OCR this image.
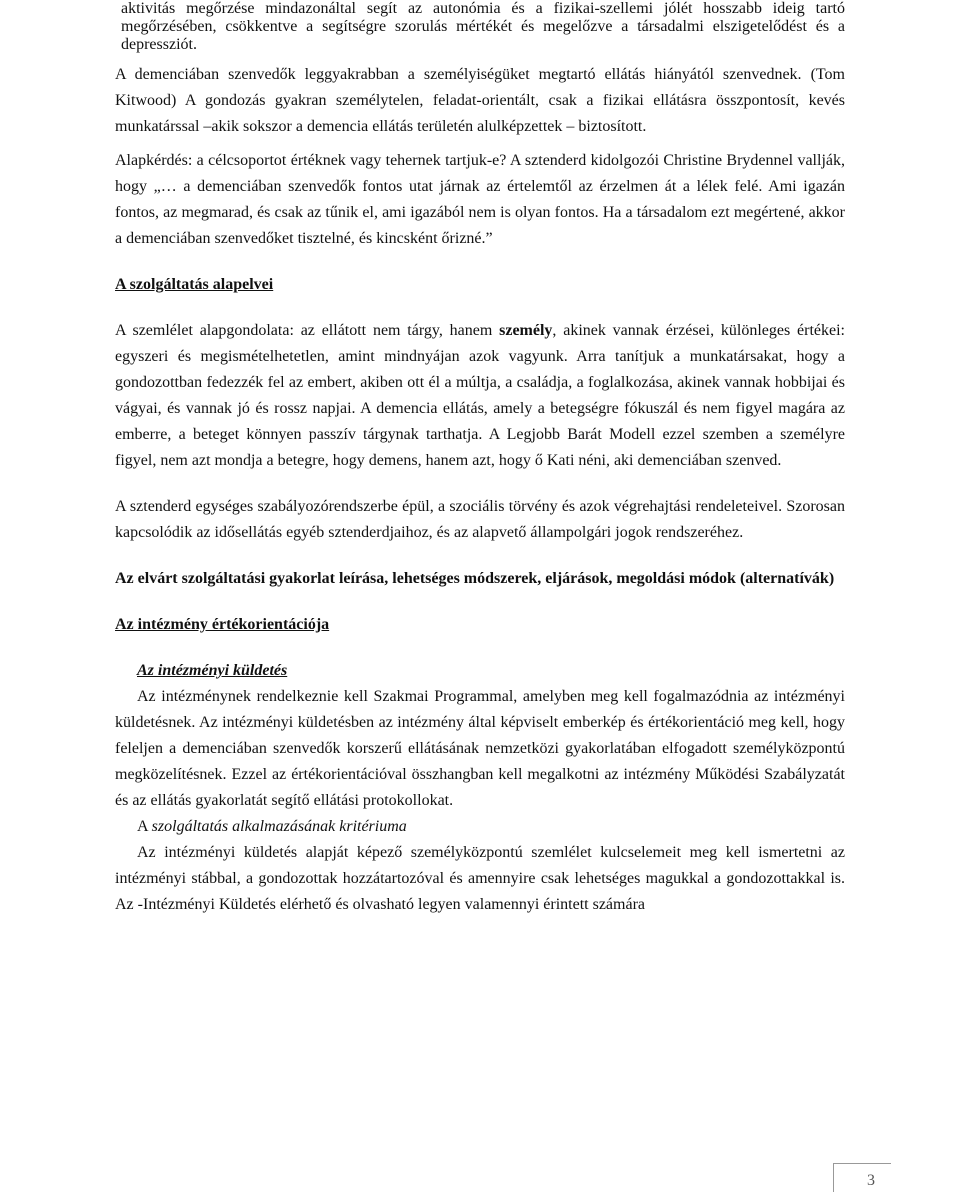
aktivitás megőrzése mindazonáltal segít az autonómia és a fizikai-szellemi jólét hosszabb ideig tartó megőrzésében, csökkentve a segítségre szorulás mértékét és megelőzve a társadalmi elszigetelődést és a depressziót.

A demenciában szenvedők leggyakrabban a személyiségüket megtartó ellátás hiányától szenvednek. (Tom Kitwood) A gondozás gyakran személytelen, feladat-orientált, csak a fizikai ellátásra összpontosít, kevés munkatárssal –akik sokszor a demencia ellátás területén alulképzettek – biztosított.

Alapkérdés: a célcsoportot értéknek vagy tehernek tartjuk-e? A sztenderd kidolgozói Christine Brydennel vallják, hogy „… a demenciában szenvedők fontos utat járnak az értelemtől az érzelmen át a lélek felé. Ami igazán fontos, az megmarad, és csak az tűnik el, ami igazából nem is olyan fontos. Ha a társadalom ezt megértené, akkor a demenciában szenvedőket tisztelné, és kincsként őrizné.”

A szolgáltatás alapelvei

A szemlélet alapgondolata: az ellátott nem tárgy, hanem személy, akinek vannak érzései, különleges értékei: egyszeri és megismételhetetlen, amint mindnyájan azok vagyunk. Arra tanítjuk a munkatársakat, hogy a gondozottban fedezzék fel az embert, akiben ott él a múltja, a családja, a foglalkozása, akinek vannak hobbijai és vágyai, és vannak jó és rossz napjai. A demencia ellátás, amely a betegségre fókuszál és nem figyel magára az emberre, a beteget könnyen passzív tárgynak tarthatja. A Legjobb Barát Modell ezzel szemben a személyre figyel, nem azt mondja a betegre, hogy demens, hanem azt, hogy ő Kati néni, aki demenciában szenved.

A sztenderd egységes szabályozórendszerbe épül, a szociális törvény és azok végrehajtási rendeleteivel. Szorosan kapcsolódik az idősellátás egyéb sztenderdjaihoz, és az alapvető állampolgári jogok rendszeréhez.

Az elvárt szolgáltatási gyakorlat leírása, lehetséges módszerek, eljárások, megoldási módok (alternatívák)
Az intézmény értékorientációja
Az intézményi küldetés

Az intézménynek rendelkeznie kell Szakmai Programmal, amelyben meg kell fogalmazódnia az intézményi küldetésnek. Az intézményi küldetésben az intézmény által képviselt emberkép és értékorientáció meg kell, hogy feleljen a demenciában szenvedők korszerű ellátásának nemzetközi gyakorlatában elfogadott személyközpontú megközelítésnek. Ezzel az értékorientációval összhangban kell megalkotni az intézmény Működési Szabályzatát és az ellátás gyakorlatát segítő ellátási protokollokat.

A szolgáltatás alkalmazásának kritériuma

Az intézményi küldetés alapját képező személyközpontú szemlélet kulcselemeit meg kell ismertetni az intézményi stábbal, a gondozottak hozzátartozóval és amennyire csak lehetséges magukkal a gondozottakkal is. Az -Intézményi Küldetés elérhető és olvasható legyen valamennyi érintett számára

3
